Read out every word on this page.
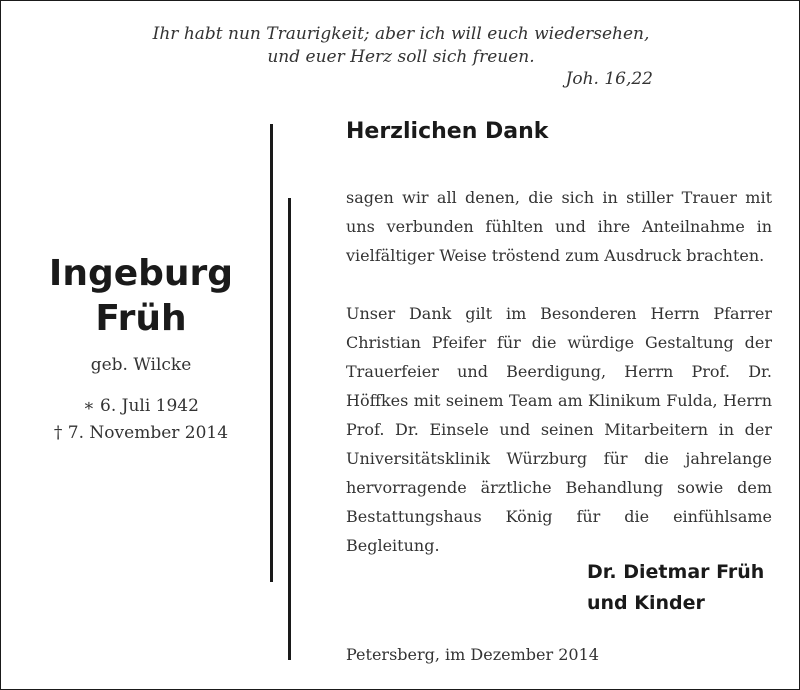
Ihr habt nun Traurigkeit; aber ich will euch wiedersehen,
und euer Herz soll sich freuen.
Joh. 16,22
Ingeburg
Früh
geb. Wilcke
∗ 6. Juli 1942
† 7. November 2014
Herzlichen Dank

sagen wir all denen, die sich in stiller Trauer mit uns verbunden fühlten und ihre Anteilnahme in vielfältiger Weise tröstend zum Ausdruck brachten.

Unser Dank gilt im Besonderen Herrn Pfarrer Christian Pfeifer für die würdige Gestaltung der Trauerfeier und Beerdigung, Herrn Prof. Dr. Höffkes mit seinem Team am Klinikum Fulda, Herrn Prof. Dr. Einsele und seinen Mitarbeitern in der Universitätsklinik Würzburg für die jahrelange hervorragende ärztliche Behandlung sowie dem Bestattungshaus König für die einfühlsame Begleitung.

Dr. Dietmar Früh
und Kinder
Petersberg, im Dezember 2014
